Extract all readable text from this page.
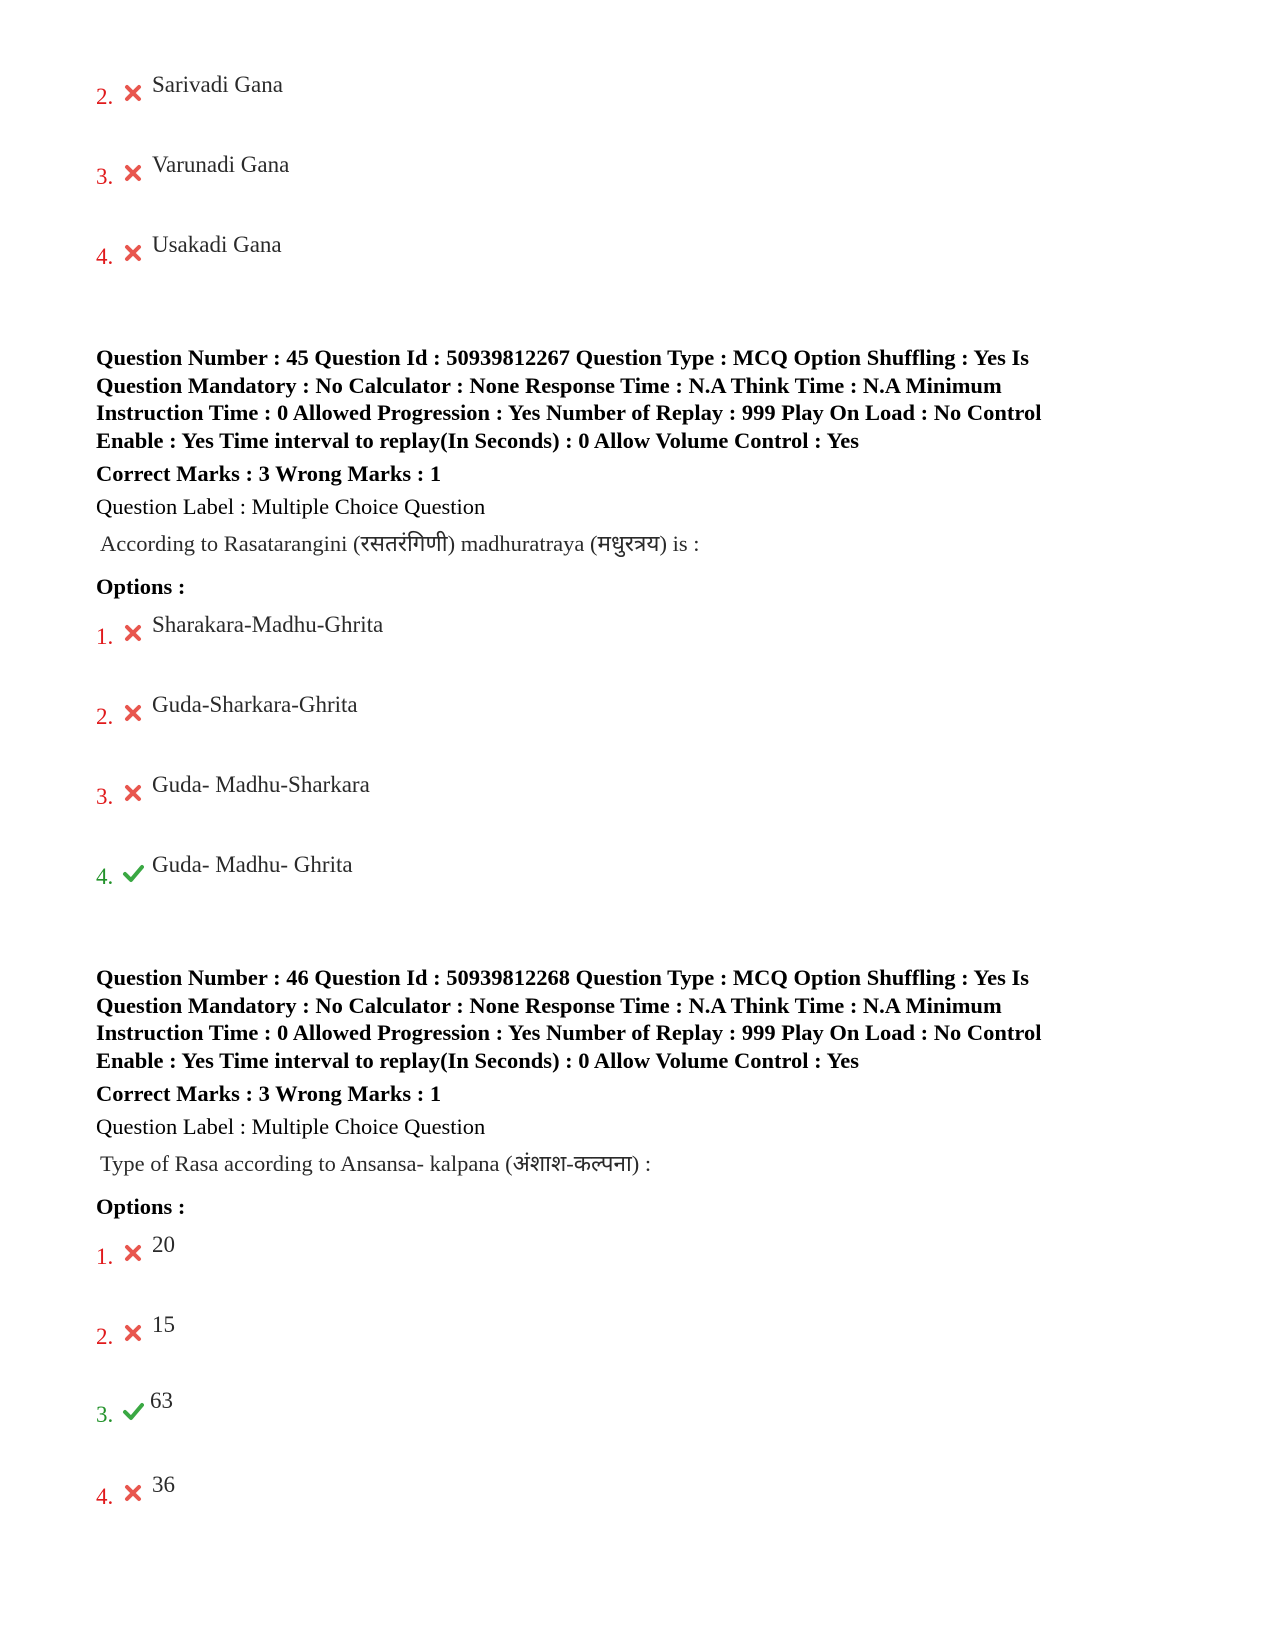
2. Sarivadi Gana
3. Varunadi Gana
4. Usakadi Gana

Question Number : 45 Question Id : 50939812267 Question Type : MCQ Option Shuffling : Yes Is
Question Mandatory : No Calculator : None Response Time : N.A Think Time : N.A Minimum
Instruction Time : 0 Allowed Progression : Yes Number of Replay : 999 Play On Load : No Control
Enable : Yes Time interval to replay(In Seconds) : 0 Allow Volume Control : Yes

Correct Marks : 3 Wrong Marks : 1

Question Label : Multiple Choice Question

According to Rasatarangini (रसतरंगिणी) madhuratraya (मधुरत्रय) is :

Options :

1. Sharakara-Madhu-Ghrita
2. Guda-Sharkara-Ghrita
3. Guda- Madhu-Sharkara
4. Guda- Madhu- Ghrita

Question Number : 46 Question Id : 50939812268 Question Type : MCQ Option Shuffling : Yes Is
Question Mandatory : No Calculator : None Response Time : N.A Think Time : N.A Minimum
Instruction Time : 0 Allowed Progression : Yes Number of Replay : 999 Play On Load : No Control
Enable : Yes Time interval to replay(In Seconds) : 0 Allow Volume Control : Yes

Correct Marks : 3 Wrong Marks : 1

Question Label : Multiple Choice Question

Type of Rasa according to Ansansa- kalpana (अंशाश-कल्पना) :

Options :

1. 20
2. 15
3.
63
4. 36
